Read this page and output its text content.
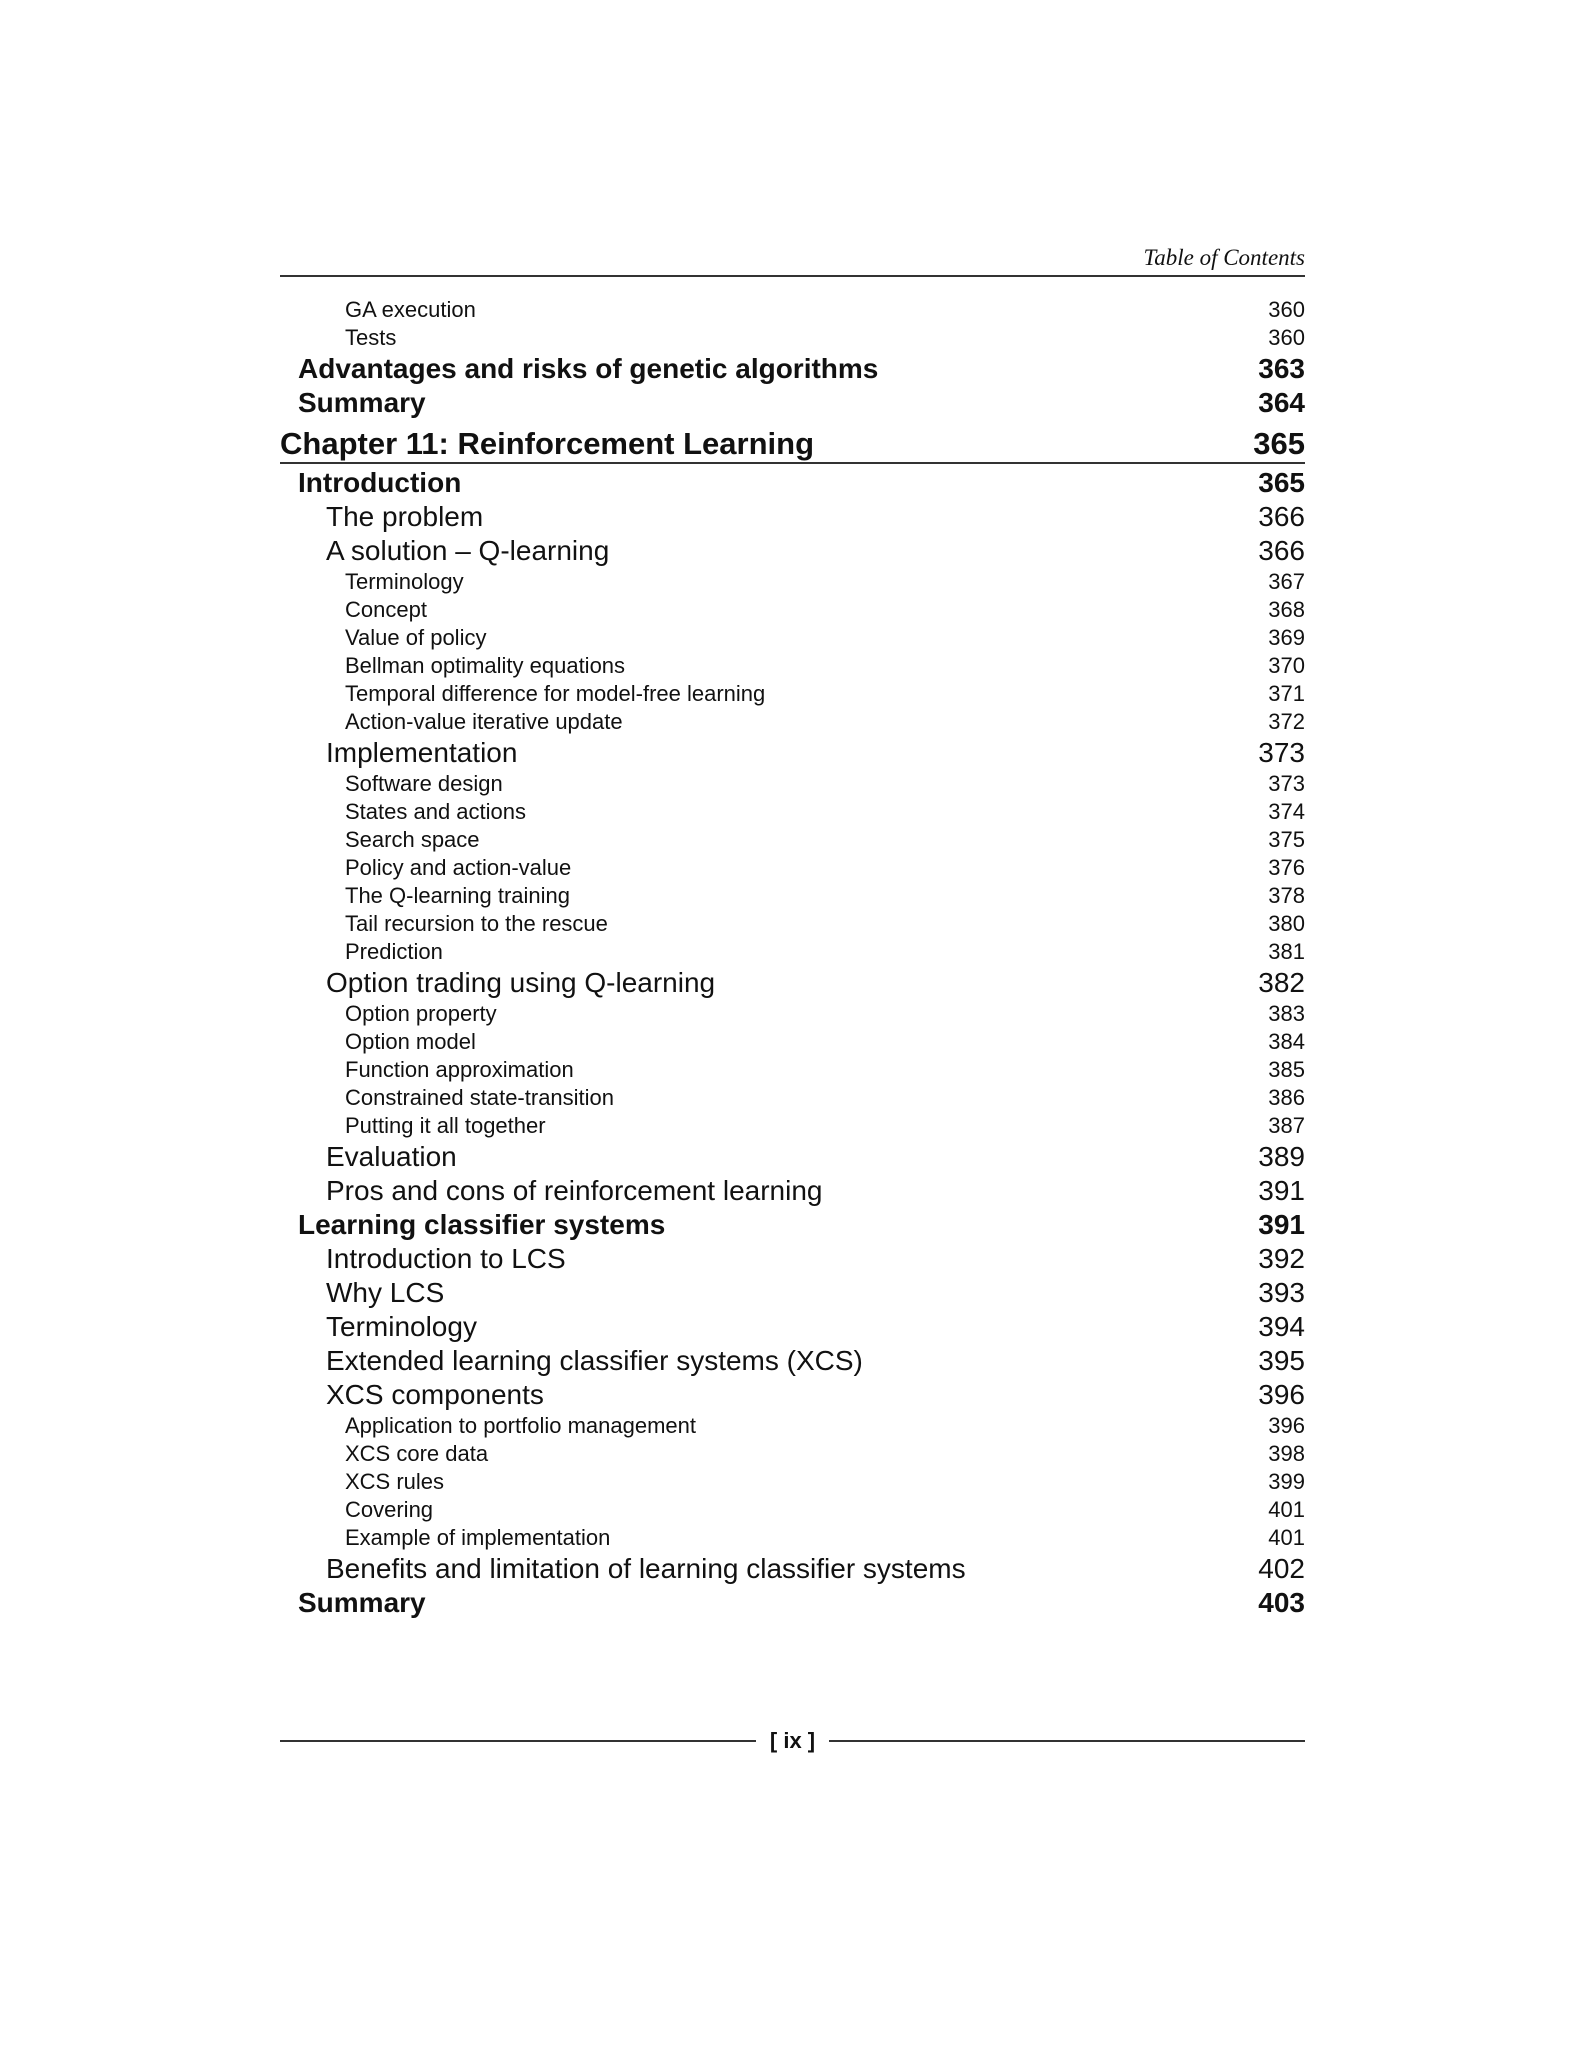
Table of Contents
GA execution	360
Tests	360
Advantages and risks of genetic algorithms	363
Summary	364
Chapter 11: Reinforcement Learning	365
Introduction	365
The problem	366
A solution – Q-learning	366
Terminology	367
Concept	368
Value of policy	369
Bellman optimality equations	370
Temporal difference for model-free learning	371
Action-value iterative update	372
Implementation	373
Software design	373
States and actions	374
Search space	375
Policy and action-value	376
The Q-learning training	378
Tail recursion to the rescue	380
Prediction	381
Option trading using Q-learning	382
Option property	383
Option model	384
Function approximation	385
Constrained state-transition	386
Putting it all together	387
Evaluation	389
Pros and cons of reinforcement learning	391
Learning classifier systems	391
Introduction to LCS	392
Why LCS	393
Terminology	394
Extended learning classifier systems (XCS)	395
XCS components	396
Application to portfolio management	396
XCS core data	398
XCS rules	399
Covering	401
Example of implementation	401
Benefits and limitation of learning classifier systems	402
Summary	403
[ ix ]
